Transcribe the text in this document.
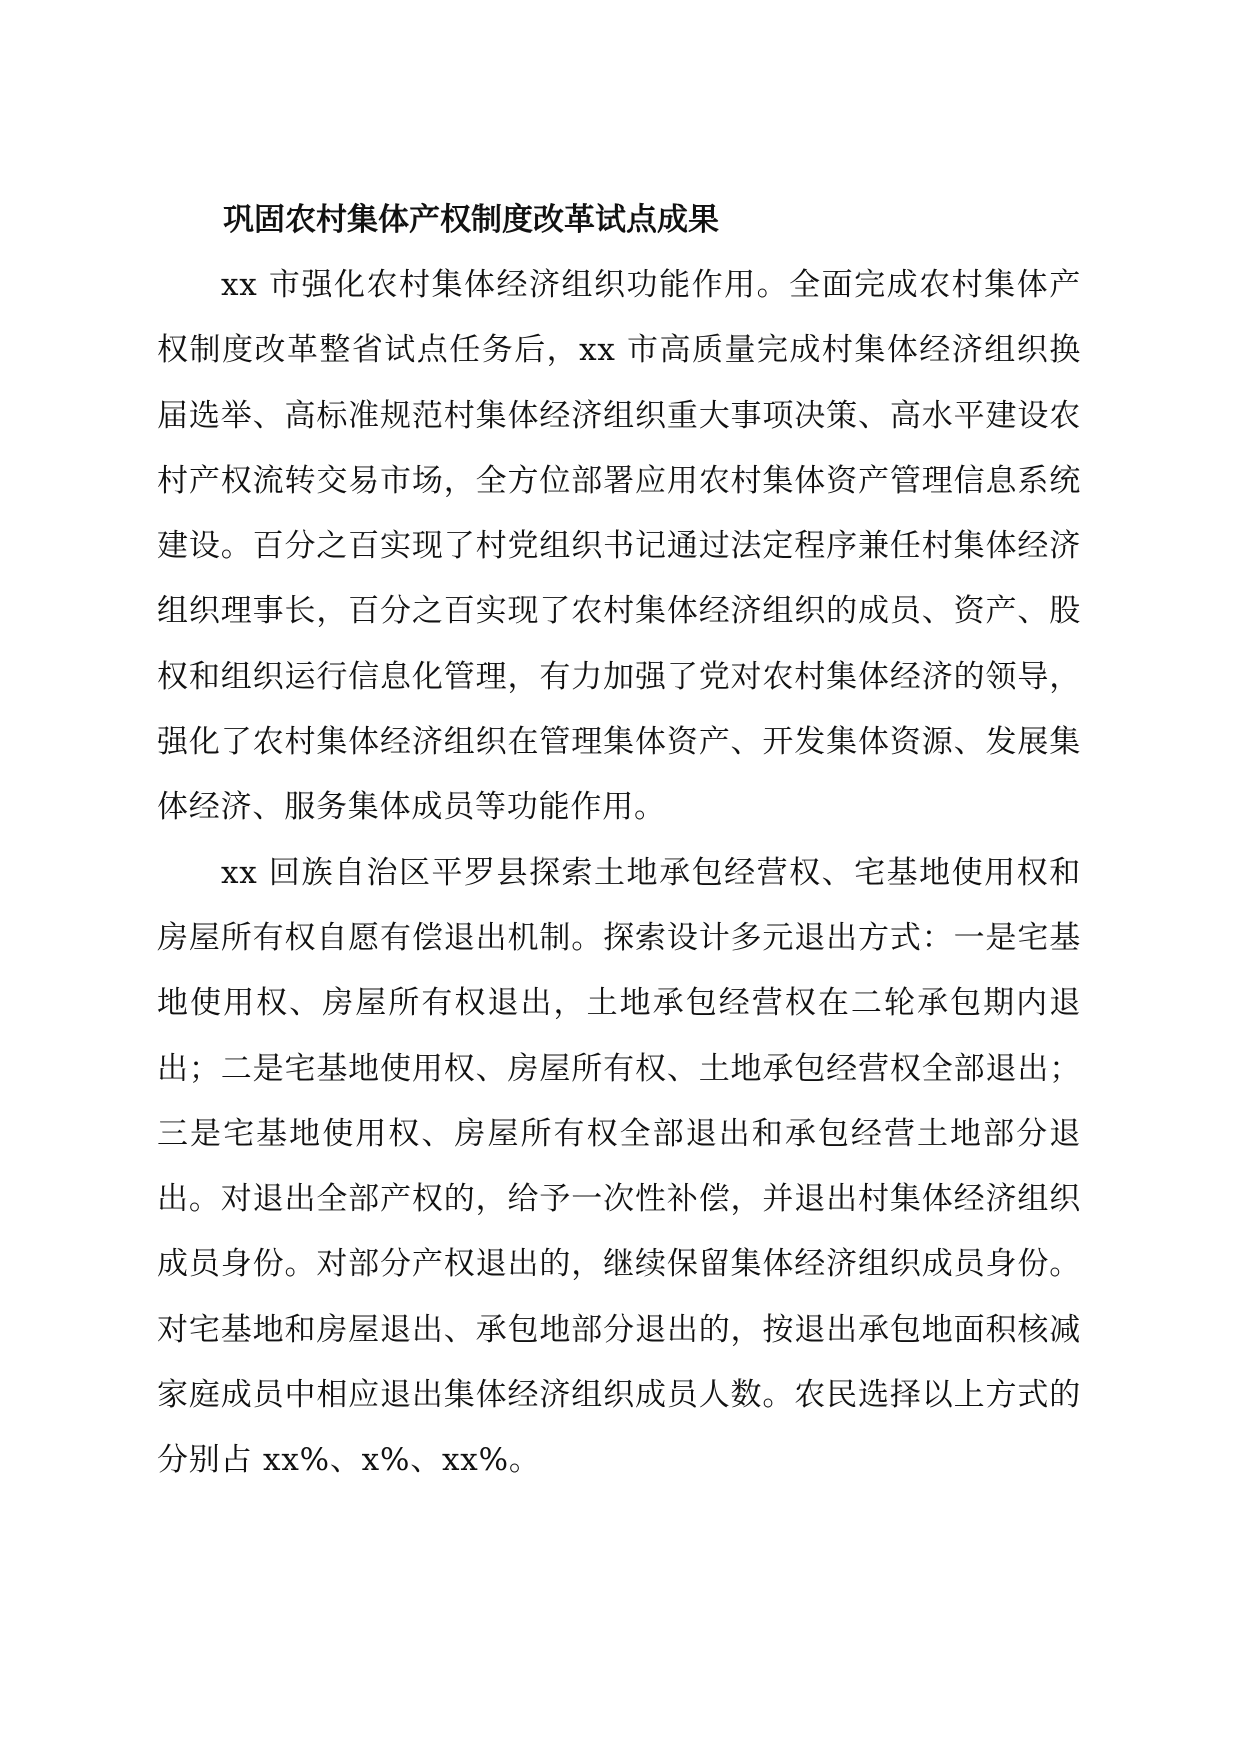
巩固农村集体产权制度改革试点成果

xx 市强化农村集体经济组织功能作用。全面完成农村集体产权制度改革整省试点任务后，xx 市高质量完成村集体经济组织换届选举、高标准规范村集体经济组织重大事项决策、高水平建设农村产权流转交易市场，全方位部署应用农村集体资产管理信息系统建设。百分之百实现了村党组织书记通过法定程序兼任村集体经济组织理事长，百分之百实现了农村集体经济组织的成员、资产、股权和组织运行信息化管理，有力加强了党对农村集体经济的领导，强化了农村集体经济组织在管理集体资产、开发集体资源、发展集体经济、服务集体成员等功能作用。

xx 回族自治区平罗县探索土地承包经营权、宅基地使用权和房屋所有权自愿有偿退出机制。探索设计多元退出方式：一是宅基地使用权、房屋所有权退出，土地承包经营权在二轮承包期内退出；二是宅基地使用权、房屋所有权、土地承包经营权全部退出；三是宅基地使用权、房屋所有权全部退出和承包经营土地部分退出。对退出全部产权的，给予一次性补偿，并退出村集体经济组织成员身份。对部分产权退出的，继续保留集体经济组织成员身份。对宅基地和房屋退出、承包地部分退出的，按退出承包地面积核减家庭成员中相应退出集体经济组织成员人数。农民选择以上方式的分别占 xx%、x%、xx%。
